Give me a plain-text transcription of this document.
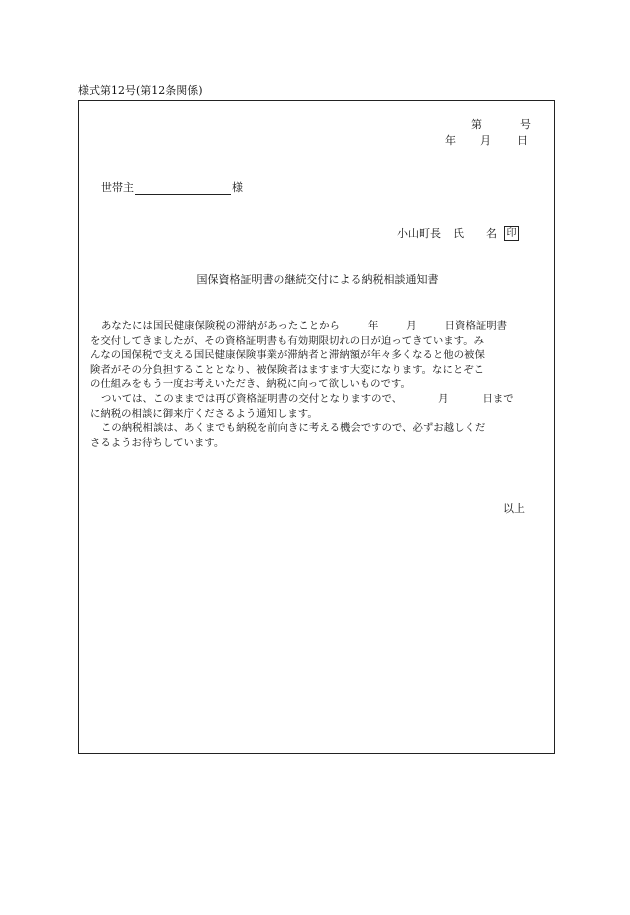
様式第12号(第12条関係)
第	号
年 月 日
世帯主	様
小山町長 氏 名 印
国保資格証明書の継続交付による納税相談通知書
あなたには国民健康保険税の滞納があったことから	年	月	日資格証明書
を交付してきましたが、その資格証明書も有効期限切れの日が迫ってきています。み
んなの国保税で支える国民健康保険事業が滞納者と滞納額が年々多くなると他の被保
険者がその分負担することとなり、被保険者はますます大変になります。なにとぞこ
の仕組みをもう一度お考えいただき、納税に向って欲しいものです。
ついては、このままでは再び資格証明書の交付となりますので、	月	日まで
に納税の相談に御来庁くださるよう通知します。
この納税相談は、あくまでも納税を前向きに考える機会ですので、必ずお越しくだ
さるようお待ちしています。
以上
